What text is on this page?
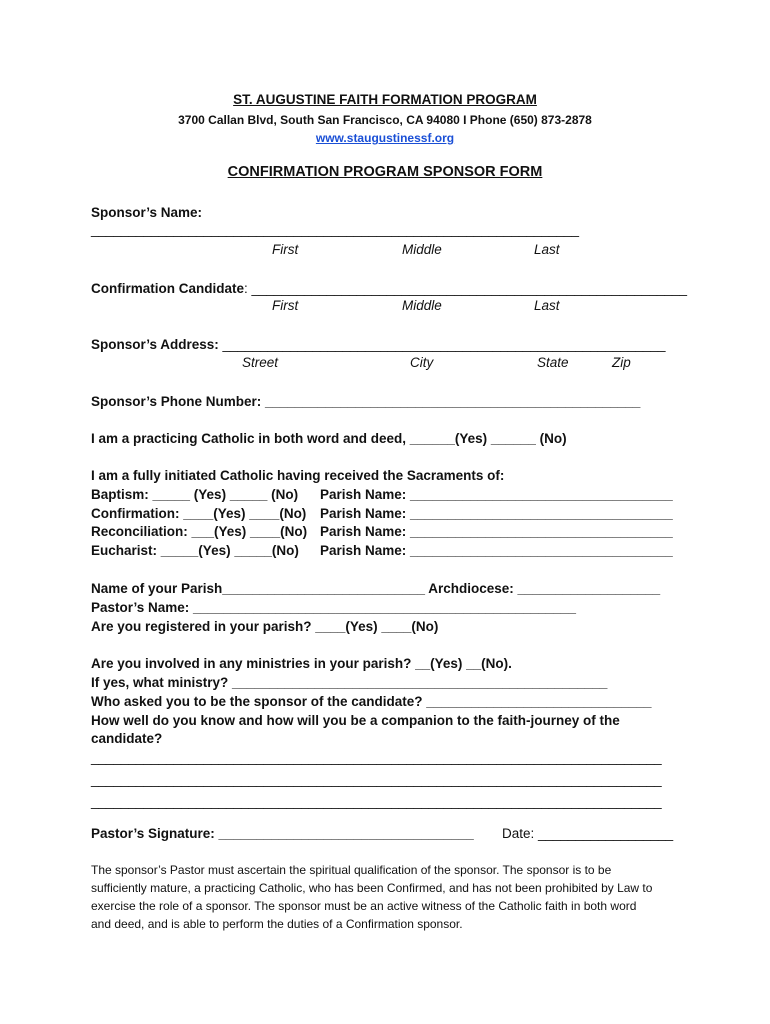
ST. AUGUSTINE FAITH FORMATION PROGRAM
3700 Callan Blvd, South San Francisco, CA 94080 I Phone (650) 873-2878
www.staugustinessf.org
CONFIRMATION PROGRAM SPONSOR FORM
Sponsor’s Name:
_________________________________________________________________
First	Middle	Last
Confirmation Candidate: __________________________________________________________
First	Middle	Last
Sponsor’s Address: ___________________________________________________________
Street	City	State	Zip
Sponsor’s Phone Number: __________________________________________________
I am a practicing Catholic in both word and deed, ______(Yes) ______ (No)
I am a fully initiated Catholic having received the Sacraments of:
Baptism: _____ (Yes) _____ (No) Parish Name: ___________________________________
Confirmation: ____(Yes) ____(No) Parish Name: ___________________________________
Reconciliation: ___(Yes) ____(No) Parish Name: ___________________________________
Eucharist: _____(Yes) _____(No) Parish Name: ___________________________________
Name of your Parish___________________________ Archdiocese: ___________________
Pastor’s Name: ___________________________________________________
Are you registered in your parish? ____(Yes) ____(No)
Are you involved in any ministries in your parish? __(Yes) __(No).
If yes, what ministry? __________________________________________________
Who asked you to be the sponsor of the candidate? ______________________________
How well do you know and how will you be a companion to the faith-journey of the
candidate?
____________________________________________________________________________
____________________________________________________________________________
____________________________________________________________________________
Pastor’s Signature: __________________________________ Date: __________________
The sponsor’s Pastor must ascertain the spiritual qualification of the sponsor. The sponsor is to be
sufficiently mature, a practicing Catholic, who has been Confirmed, and has not been prohibited by Law to
exercise the role of a sponsor. The sponsor must be an active witness of the Catholic faith in both word
and deed, and is able to perform the duties of a Confirmation sponsor.
